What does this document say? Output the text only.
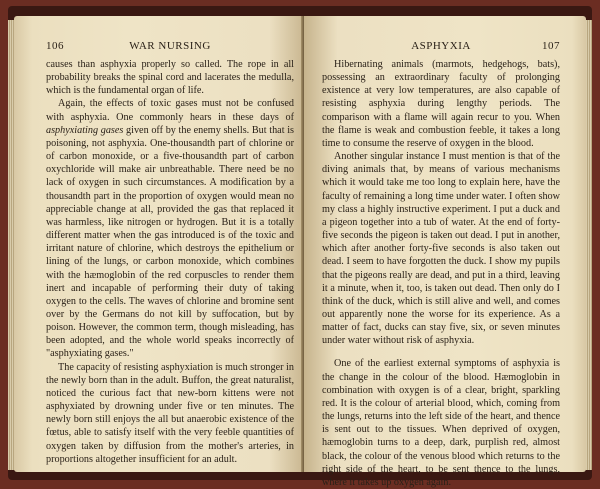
106	WAR NURSING

causes than asphyxia properly so called. The rope in all probability breaks the spinal cord and lacerates the medulla, which is the fundamental organ of life.

Again, the effects of toxic gases must not be confused with asphyxia. One commonly hears in these days of asphyxiating gases given off by the enemy shells. But that is poisoning, not asphyxia. One-thousandth part of chlorine or of carbon monoxide, or a five-thousandth part of carbon oxychloride will make air unbreathable. There need be no lack of oxygen in such circumstances. A modification by a thousandth part in the proportion of oxygen would mean no appreciable change at all, provided the gas that replaced it was harmless, like nitrogen or hydrogen. But it is a totally different matter when the gas introduced is of the toxic and irritant nature of chlorine, which destroys the epithelium or lining of the lungs, or carbon monoxide, which combines with the hæmoglobin of the red corpuscles to render them inert and incapable of performing their duty of taking oxygen to the cells. The waves of chlorine and bromine sent over by the Germans do not kill by suffocation, but by poison. However, the common term, though misleading, has been adopted, and the whole world speaks incorrectly of "asphyxiating gases."

The capacity of resisting asphyxiation is much stronger in the newly born than in the adult. Buffon, the great naturalist, noticed the curious fact that new-born kittens were not asphyxiated by drowning under five or ten minutes. The newly born still enjoys the all but anaerobic existence of the fœtus, able to satisfy itself with the very feeble quantities of oxygen taken by diffusion from the mother's arteries, in proportions altogether insufficient for an adult.

ASPHYXIA	107

Hibernating animals (marmots, hedgehogs, bats), possessing an extraordinary faculty of prolonging existence at very low temperatures, are also capable of resisting asphyxia during lengthy periods. The comparison with a flame will again recur to you. When the flame is weak and combustion feeble, it takes a long time to consume the reserve of oxygen in the blood.

Another singular instance I must mention is that of the diving animals that, by means of various mechanisms which it would take me too long to explain here, have the faculty of remaining a long time under water. I often show my class a highly instructive experiment. I put a duck and a pigeon together into a tub of water. At the end of forty-five seconds the pigeon is taken out dead. I put in another, which after another forty-five seconds is also taken out dead. I seem to have forgotten the duck. I show my pupils that the pigeons really are dead, and put in a third, leaving it a minute, when it, too, is taken out dead. Then only do I think of the duck, which is still alive and well, and comes out apparently none the worse for its experience. As a matter of fact, ducks can stay five, six, or seven minutes under water without risk of asphyxia.

One of the earliest external symptoms of asphyxia is the change in the colour of the blood. Hæmoglobin in combination with oxygen is of a clear, bright, sparkling red. It is the colour of arterial blood, which, coming from the lungs, returns into the left side of the heart, and thence is sent out to the tissues. When deprived of oxygen, hæmoglobin turns to a deep, dark, purplish red, almost black, the colour of the venous blood which returns to the right side of the heart, to be sent thence to the lungs, where it takes up oxygen again.
